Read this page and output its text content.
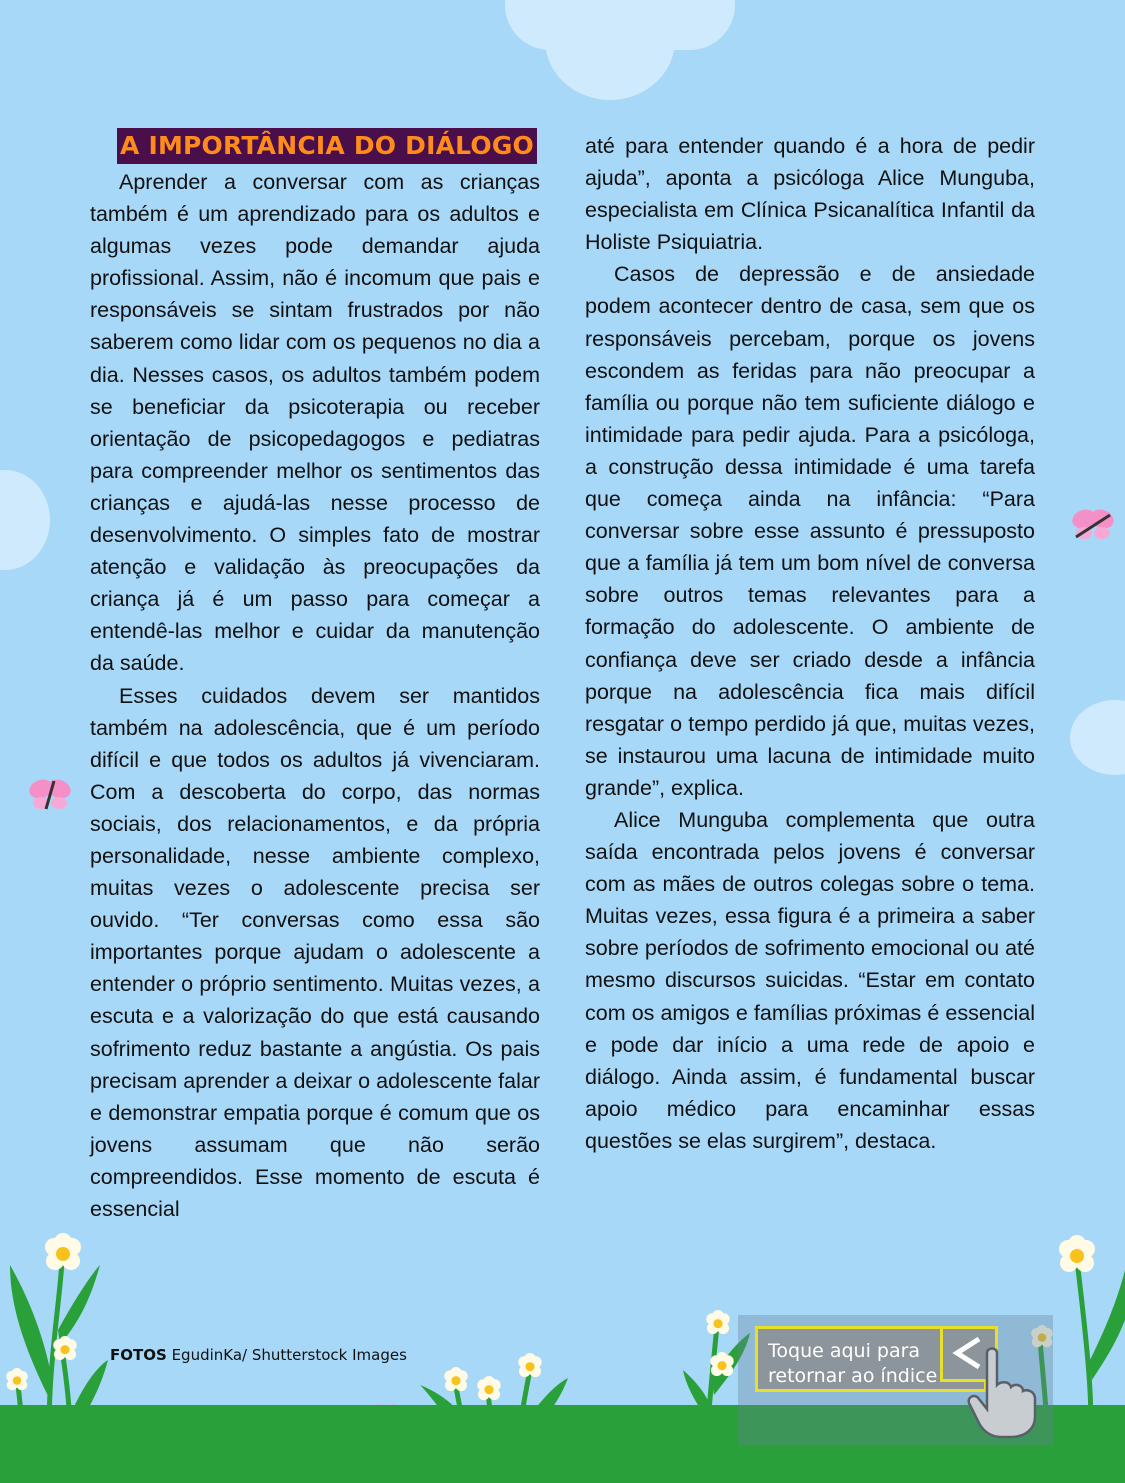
A IMPORTÂNCIA DO DIÁLOGO

Aprender a conversar com as crianças também é um aprendizado para os adultos e algumas vezes pode demandar ajuda profissional. Assim, não é incomum que pais e responsáveis se sintam frustrados por não saberem como lidar com os pequenos no dia a dia. Nesses casos, os adultos também podem se beneficiar da psicoterapia ou receber orientação de psicopedagogos e pediatras para compreender melhor os sentimentos das crianças e ajudá-las nesse processo de desenvolvimento. O simples fato de mostrar atenção e validação às preocupações da criança já é um passo para começar a entendê-las melhor e cuidar da manutenção da saúde.

Esses cuidados devem ser mantidos também na adolescência, que é um período difícil e que todos os adultos já vivenciaram. Com a descoberta do corpo, das normas sociais, dos relacionamentos, e da própria personalidade, nesse ambiente complexo, muitas vezes o adolescente precisa ser ouvido. “Ter conversas como essa são importantes porque ajudam o adolescente a entender o próprio sentimento. Muitas vezes, a escuta e a valorização do que está causando sofrimento reduz bastante a angústia. Os pais precisam aprender a deixar o adolescente falar e demonstrar empatia porque é comum que os jovens assumam que não serão compreendidos. Esse momento de escuta é essencial

até para entender quando é a hora de pedir ajuda”, aponta a psicóloga Alice Munguba, especialista em Clínica Psicanalítica Infantil da Holiste Psiquiatria.

Casos de depressão e de ansiedade podem acontecer dentro de casa, sem que os responsáveis percebam, porque os jovens escondem as feridas para não preocupar a família ou porque não tem suficiente diálogo e intimidade para pedir ajuda. Para a psicóloga, a construção dessa intimidade é uma tarefa que começa ainda na infância: “Para conversar sobre esse assunto é pressuposto que a família já tem um bom nível de conversa sobre outros temas relevantes para a formação do adolescente. O ambiente de confiança deve ser criado desde a infância porque na adolescência fica mais difícil resgatar o tempo perdido já que, muitas vezes, se instaurou uma lacuna de intimidade muito grande”, explica.

Alice Munguba complementa que outra saída encontrada pelos jovens é conversar com as mães de outros colegas sobre o tema. Muitas vezes, essa figura é a primeira a saber sobre períodos de sofrimento emocional ou até mesmo discursos suicidas. “Estar em contato com os amigos e famílias próximas é essencial e pode dar início a uma rede de apoio e diálogo. Ainda assim, é fundamental buscar apoio médico para encaminhar essas questões se elas surgirem”, destaca.

FOTOS EgudinKa/ Shutterstock Images	Toque aqui para retornar ao índice
